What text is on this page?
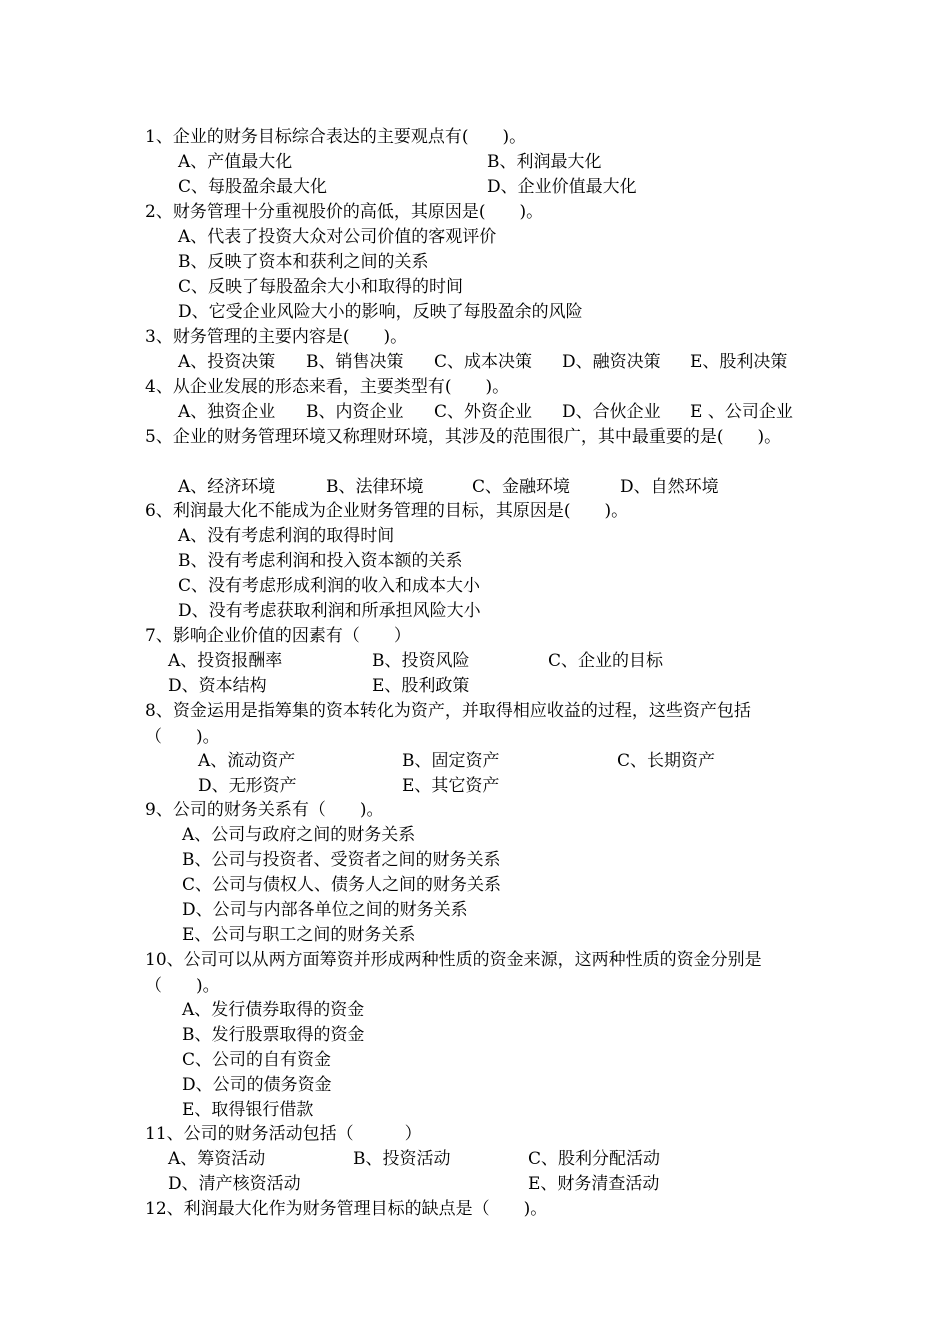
1、企业的财务目标综合表达的主要观点有(　　)。
A、产值最大化	B、利润最大化
C、每股盈余最大化	D、企业价值最大化
2、财务管理十分重视股价的高低，其原因是(　　)。
A、代表了投资大众对公司价值的客观评价
B、反映了资本和获利之间的关系
C、反映了每股盈余大小和取得的时间
D、它受企业风险大小的影响，反映了每股盈余的风险
3、财务管理的主要内容是(　　)。
A、投资决策 B、销售决策 C、成本决策 D、融资决策 E、股利决策
4、从企业发展的形态来看，主要类型有(　　)。
A、独资企业 B、内资企业 C、外资企业 D、合伙企业 E 、公司企业
5、企业的财务管理环境又称理财环境，其涉及的范围很广，其中最重要的是(　　)。
A、经济环境	B、法律环境	C、金融环境	D、自然环境
6、利润最大化不能成为企业财务管理的目标，其原因是(　　)。
A、没有考虑利润的取得时间
B、没有考虑利润和投入资本额的关系
C、没有考虑形成利润的收入和成本大小
D、没有考虑获取利润和所承担风险大小
7、影响企业价值的因素有（　　）
A、投资报酬率	B、投资风险	C、企业的目标
D、资本结构	E、股利政策
8、资金运用是指筹集的资本转化为资产，并取得相应收益的过程，这些资产包括（　　)。
A、流动资产	B、固定资产	C、长期资产
D、无形资产	E、其它资产
9、公司的财务关系有（　　)。
A、公司与政府之间的财务关系
B、公司与投资者、受资者之间的财务关系
C、公司与债权人、债务人之间的财务关系
D、公司与内部各单位之间的财务关系
E、公司与职工之间的财务关系
10、公司可以从两方面筹资并形成两种性质的资金来源，这两种性质的资金分别是（　　)。
A、发行债券取得的资金
B、发行股票取得的资金
C、公司的自有资金
D、公司的债务资金
E、取得银行借款
11、公司的财务活动包括（　　　）
A、筹资活动	B、投资活动	C、股利分配活动
D、清产核资活动	E、财务清查活动
12、利润最大化作为财务管理目标的缺点是（　　)。
